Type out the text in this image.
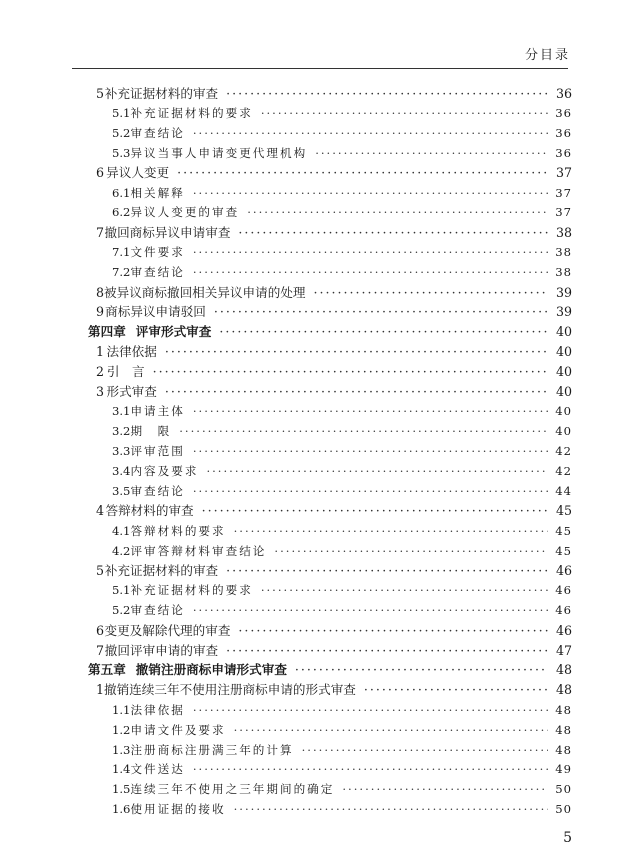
分目录
5 补充证据材料的审查 ·····	36
5.1 补充证据材料的要求 ·····	36
5.2 审查结论 ·····	36
5.3 异议当事人申请变更代理机构 ·····	36
6 异议人变更 ·····	37
6.1 相关解释 ·····	37
6.2 异议人变更的审查 ·····	37
7 撤回商标异议申请审查 ·····	38
7.1 文件要求 ·····	38
7.2 审查结论 ·····	38
8 被异议商标撤回相关异议申请的处理 ·····	39
9 商标异议申请驳回 ·····	39
第四章 评审形式审查 ·····	40
1 法律依据 ·····	40
2 引　言 ·····	40
3 形式审查 ·····	40
3.1 申请主体 ·····	40
3.2 期　限 ·····	40
3.3 评审范围 ·····	42
3.4 内容及要求 ·····	42
3.5 审查结论 ·····	44
4 答辩材料的审查 ·····	45
4.1 答辩材料的要求 ·····	45
4.2 评审答辩材料审查结论 ·····	45
5 补充证据材料的审查 ·····	46
5.1 补充证据材料的要求 ·····	46
5.2 审查结论 ·····	46
6 变更及解除代理的审查 ·····	46
7 撤回评审申请的审查 ·····	47
第五章 撤销注册商标申请形式审查 ·····	48
1 撤销连续三年不使用注册商标申请的形式审查 ·····	48
1.1 法律依据 ·····	48
1.2 申请文件及要求 ·····	48
1.3 注册商标注册满三年的计算 ·····	48
1.4 文件送达 ·····	49
1.5 连续三年不使用之三年期间的确定 ·····	50
1.6 使用证据的接收 ·····	50
5
